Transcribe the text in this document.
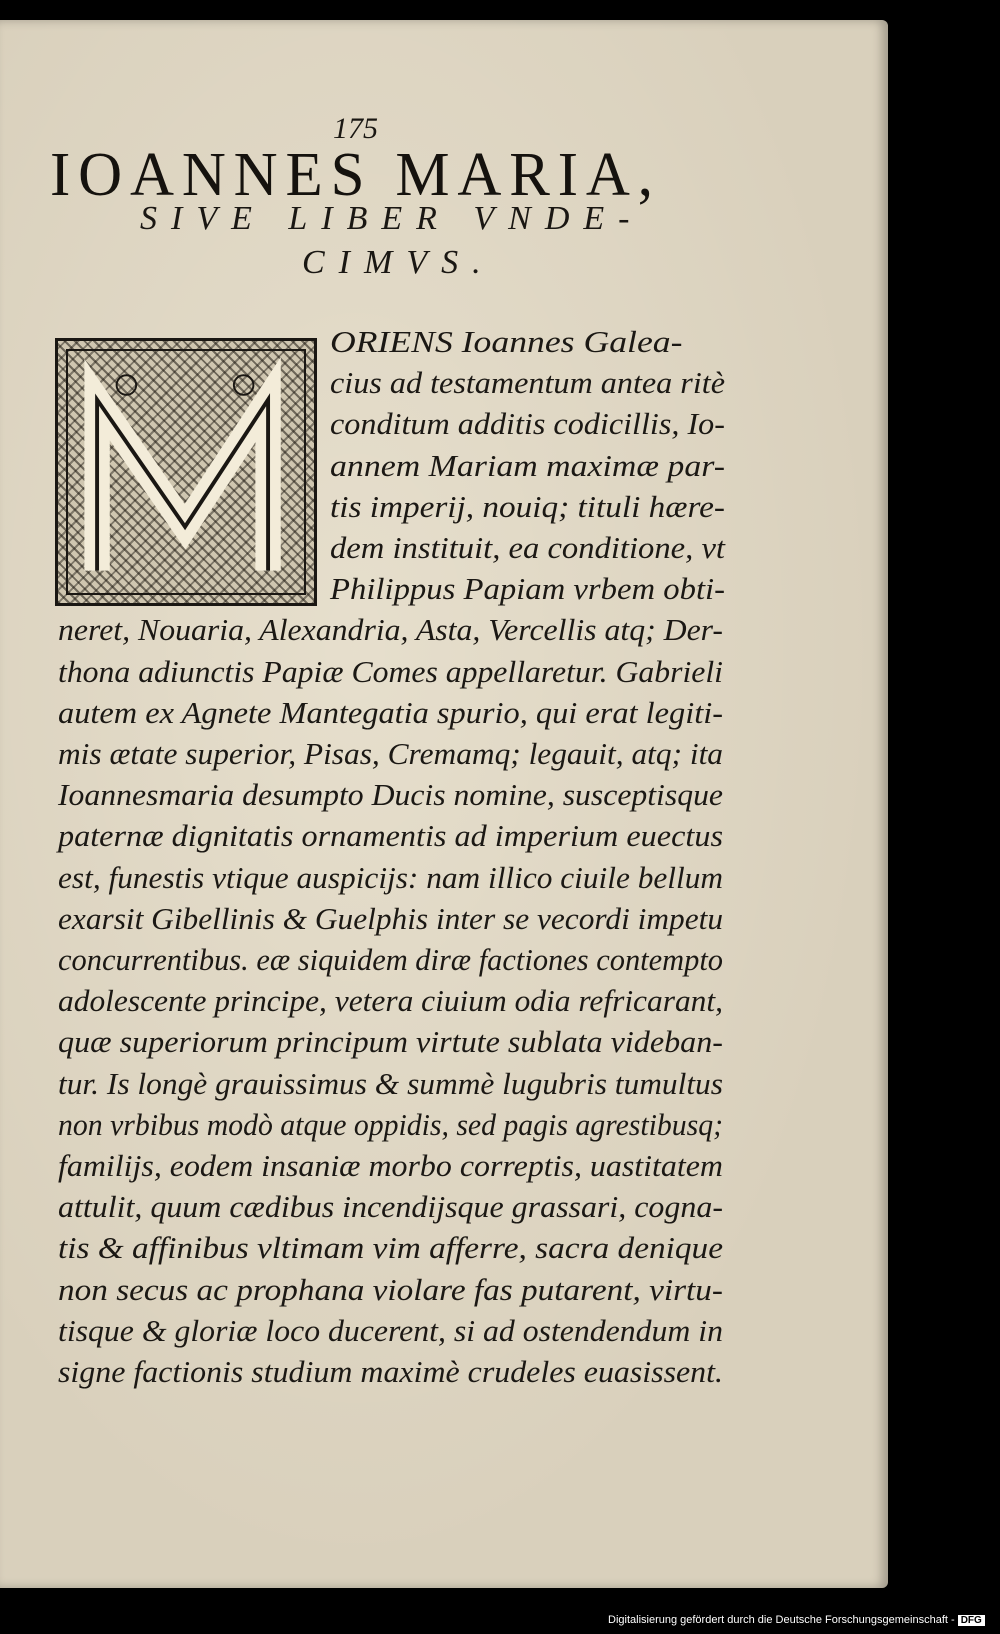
175
IOANNES MARIA,
SIVE LIBER VNDE-
CIMVS.
ORIENS Ioannes Galea-
cius ad testamentum antea ritè
conditum additis codicillis, Io-
annem Mariam maximæ par-
tis imperij, nouiq; tituli hære-
dem instituit, ea conditione, vt
Philippus Papiam vrbem obti-
neret, Nouaria, Alexandria, Asta, Vercellis atq; Der-
thona adiunctis Papiæ Comes appellaretur. Gabrieli
autem ex Agnete Mantegatia spurio, qui erat legiti-
mis ætate superior, Pisas, Cremamq; legauit, atq; ita
Ioannesmaria desumpto Ducis nomine, susceptisque
paternæ dignitatis ornamentis ad imperium euectus
est, funestis vtique auspicijs: nam illico ciuile bellum
exarsit Gibellinis & Guelphis inter se vecordi impetu
concurrentibus. eæ siquidem diræ factiones contempto
adolescente principe, vetera ciuium odia refricarant,
quæ superiorum principum virtute sublata videban-
tur. Is longè grauissimus & summè lugubris tumultus
non vrbibus modò atque oppidis, sed pagis agrestibusq;
familijs, eodem insaniæ morbo correptis, uastitatem
attulit, quum cædibus incendijsque grassari, cogna-
tis & affinibus vltimam vim afferre, sacra denique
non secus ac prophana violare fas putarent, virtu-
tisque & gloriæ loco ducerent, si ad ostendendum in
signe factionis studium maximè crudeles euasissent.
Digitalisierung gefördert durch die Deutsche Forschungsgemeinschaft - DFG
